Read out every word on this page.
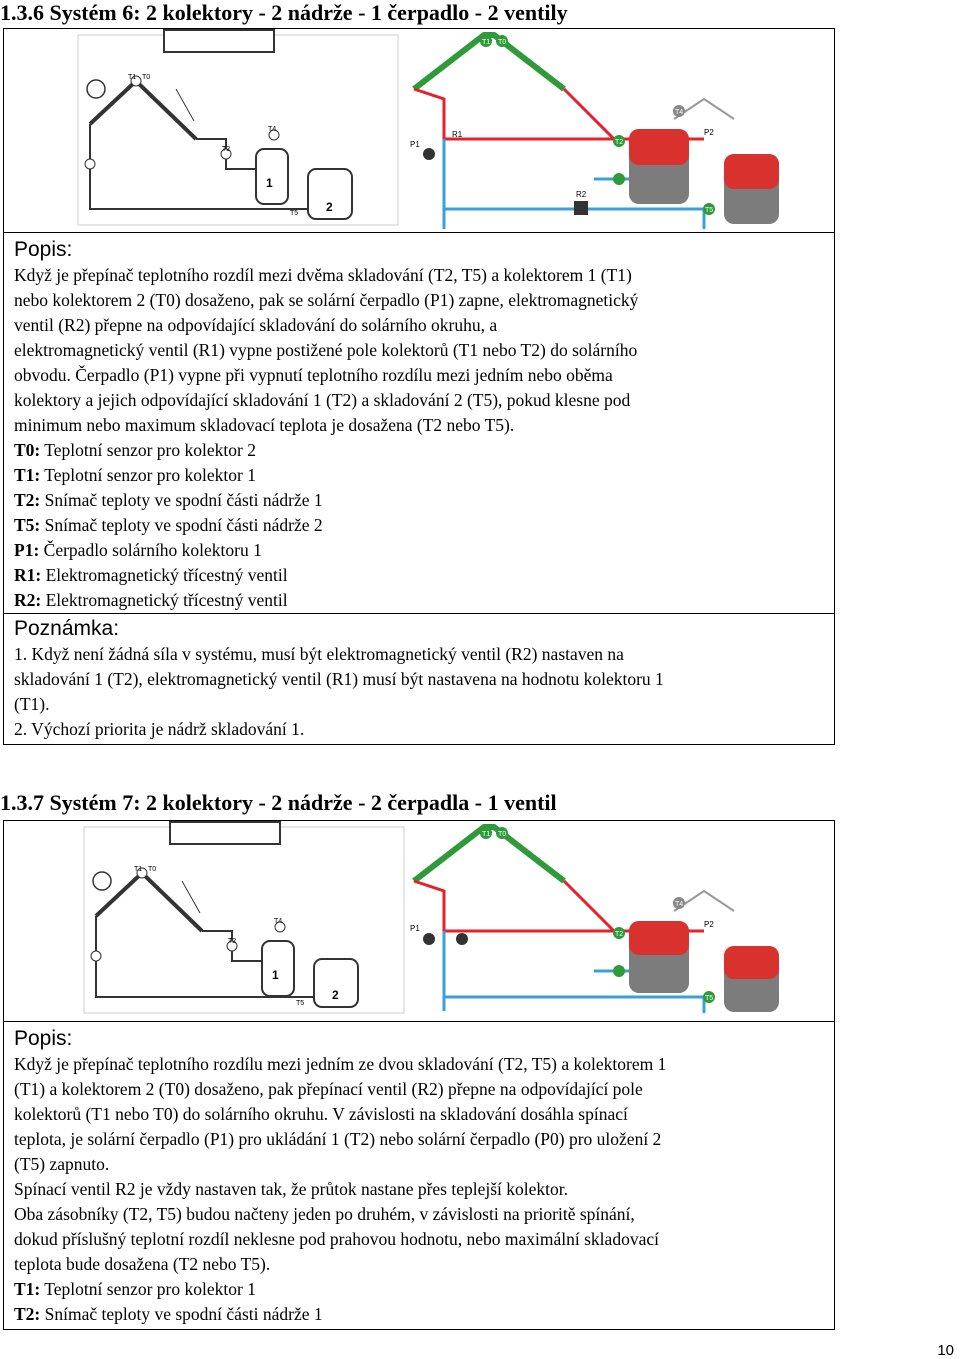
1.3.6 Systém 6: 2 kolektory - 2 nádrže - 1 čerpadlo - 2 ventily
T1 T0
T4
T2
T5
1
2
T1 T0
T2
T4
T5
P1
P2
R1
R2
Popis:

Když je přepínač teplotního rozdíl mezi dvěma skladování (T2, T5) a kolektorem 1 (T1)

nebo kolektorem 2 (T0) dosaženo, pak se solární čerpadlo (P1) zapne, elektromagnetický

ventil (R2) přepne na odpovídající skladování do solárního okruhu, a

elektromagnetický ventil (R1) vypne postižené pole kolektorů (T1 nebo T2) do solárního

obvodu. Čerpadlo (P1) vypne při vypnutí teplotního rozdílu mezi jedním nebo oběma

kolektory a jejich odpovídající skladování 1 (T2) a skladování 2 (T5), pokud klesne pod

minimum nebo maximum skladovací teplota je dosažena (T2 nebo T5).

T0: Teplotní senzor pro kolektor 2

T1: Teplotní senzor pro kolektor 1

T2: Snímač teploty ve spodní části nádrže 1

T5: Snímač teploty ve spodní části nádrže 2

P1: Čerpadlo solárního kolektoru 1

R1: Elektromagnetický třícestný ventil

R2: Elektromagnetický třícestný ventil

Poznámka:

1. Když není žádná síla v systému, musí být elektromagnetický ventil (R2) nastaven na

skladování 1 (T2), elektromagnetický ventil (R1) musí být nastavena na hodnotu kolektoru 1

(T1).

2. Výchozí priorita je nádrž skladování 1.

1.3.7 Systém 7: 2 kolektory - 2 nádrže - 2 čerpadla - 1 ventil
T1 T0
T4
T2
T5
1
2
T1 T0
T2
T4
T5
P1	P2
Popis:

Když je přepínač teplotního rozdílu mezi jedním ze dvou skladování (T2, T5) a kolektorem 1

(T1) a kolektorem 2 (T0) dosaženo, pak přepínací ventil (R2) přepne na odpovídající pole

kolektorů (T1 nebo T0) do solárního okruhu. V závislosti na skladování dosáhla spínací

teplota, je solární čerpadlo (P1) pro ukládání 1 (T2) nebo solární čerpadlo (P0) pro uložení 2

(T5) zapnuto.

Spínací ventil R2 je vždy nastaven tak, že průtok nastane přes teplejší kolektor.

Oba zásobníky (T2, T5) budou načteny jeden po druhém, v závislosti na prioritě spínání,

dokud příslušný teplotní rozdíl neklesne pod prahovou hodnotu, nebo maximální skladovací

teplota bude dosažena (T2 nebo T5).

T1: Teplotní senzor pro kolektor 1

T2: Snímač teploty ve spodní části nádrže 1

10
